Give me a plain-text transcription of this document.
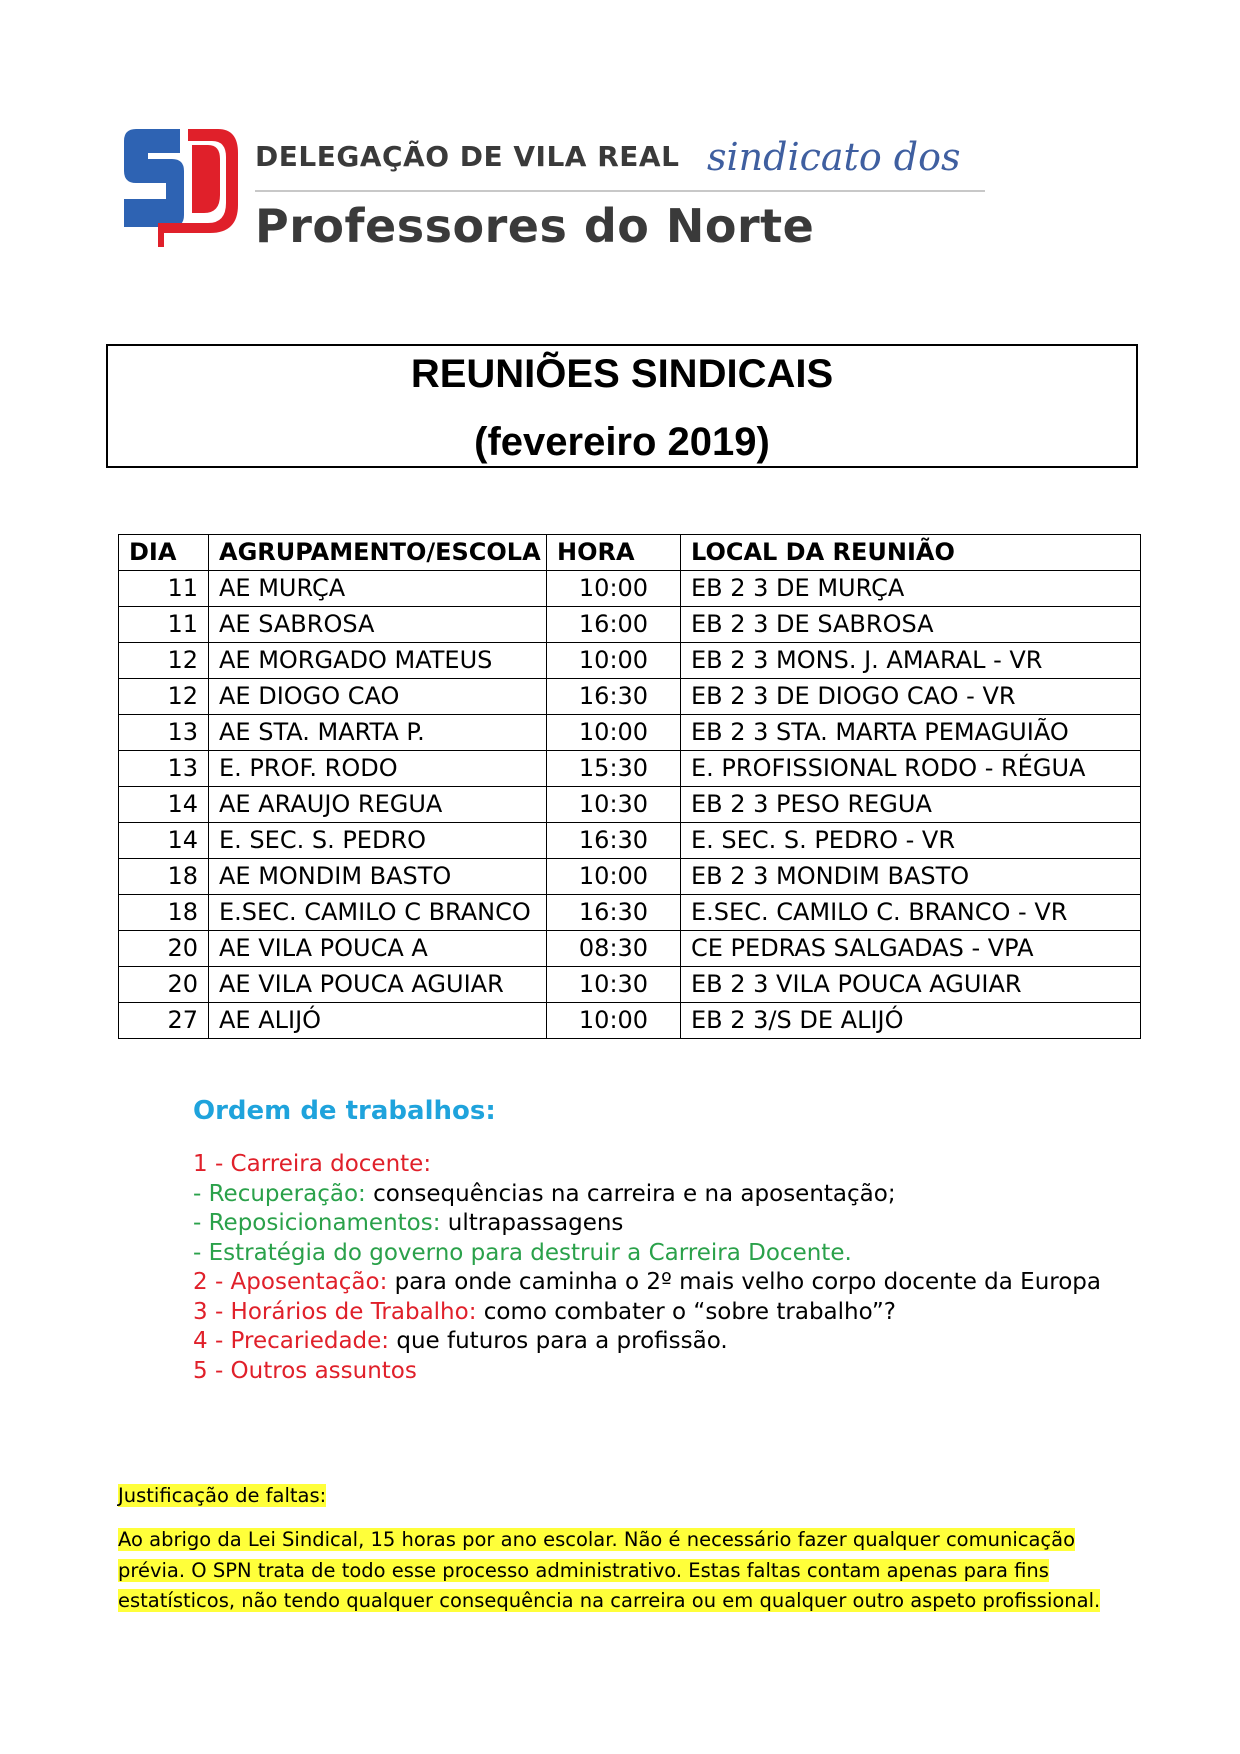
DELEGAÇÃO DE VILA REAL sindicato dos
Professores do Norte
REUNIÕES SINDICAIS
(fevereiro 2019)
DIA	AGRUPAMENTO/ESCOLA	HORA	LOCAL DA REUNIÃO
11	AE MURÇA	10:00	EB 2 3 DE MURÇA
11	AE SABROSA	16:00	EB 2 3 DE SABROSA
12	AE MORGADO MATEUS	10:00	EB 2 3 MONS. J. AMARAL - VR
12	AE DIOGO CAO	16:30	EB 2 3 DE DIOGO CAO - VR
13	AE STA. MARTA P.	10:00	EB 2 3 STA. MARTA PEMAGUIÃO
13	E. PROF. RODO	15:30	E. PROFISSIONAL RODO - RÉGUA
14	AE ARAUJO REGUA	10:30	EB 2 3 PESO REGUA
14	E. SEC. S. PEDRO	16:30	E. SEC. S. PEDRO - VR
18	AE MONDIM BASTO	10:00	EB 2 3 MONDIM BASTO
18	E.SEC. CAMILO C BRANCO	16:30	E.SEC. CAMILO C. BRANCO - VR
20	AE VILA POUCA A	08:30	CE PEDRAS SALGADAS - VPA
20	AE VILA POUCA AGUIAR	10:30	EB 2 3 VILA POUCA AGUIAR
27	AE ALIJÓ	10:00	EB 2 3/S DE ALIJÓ
Ordem de trabalhos:
1 - Carreira docente:
- Recuperação: consequências na carreira e na aposentação;
- Reposicionamentos: ultrapassagens
- Estratégia do governo para destruir a Carreira Docente.
2 - Aposentação: para onde caminha o 2º mais velho corpo docente da Europa
3 - Horários de Trabalho: como combater o “sobre trabalho”?
4 - Precariedade: que futuros para a profissão.
5 - Outros assuntos
Justificação de faltas:
Ao abrigo da Lei Sindical, 15 horas por ano escolar. Não é necessário fazer qualquer comunicação prévia. O SPN trata de todo esse processo administrativo. Estas faltas contam apenas para fins estatísticos, não tendo qualquer consequência na carreira ou em qualquer outro aspeto profissional.
